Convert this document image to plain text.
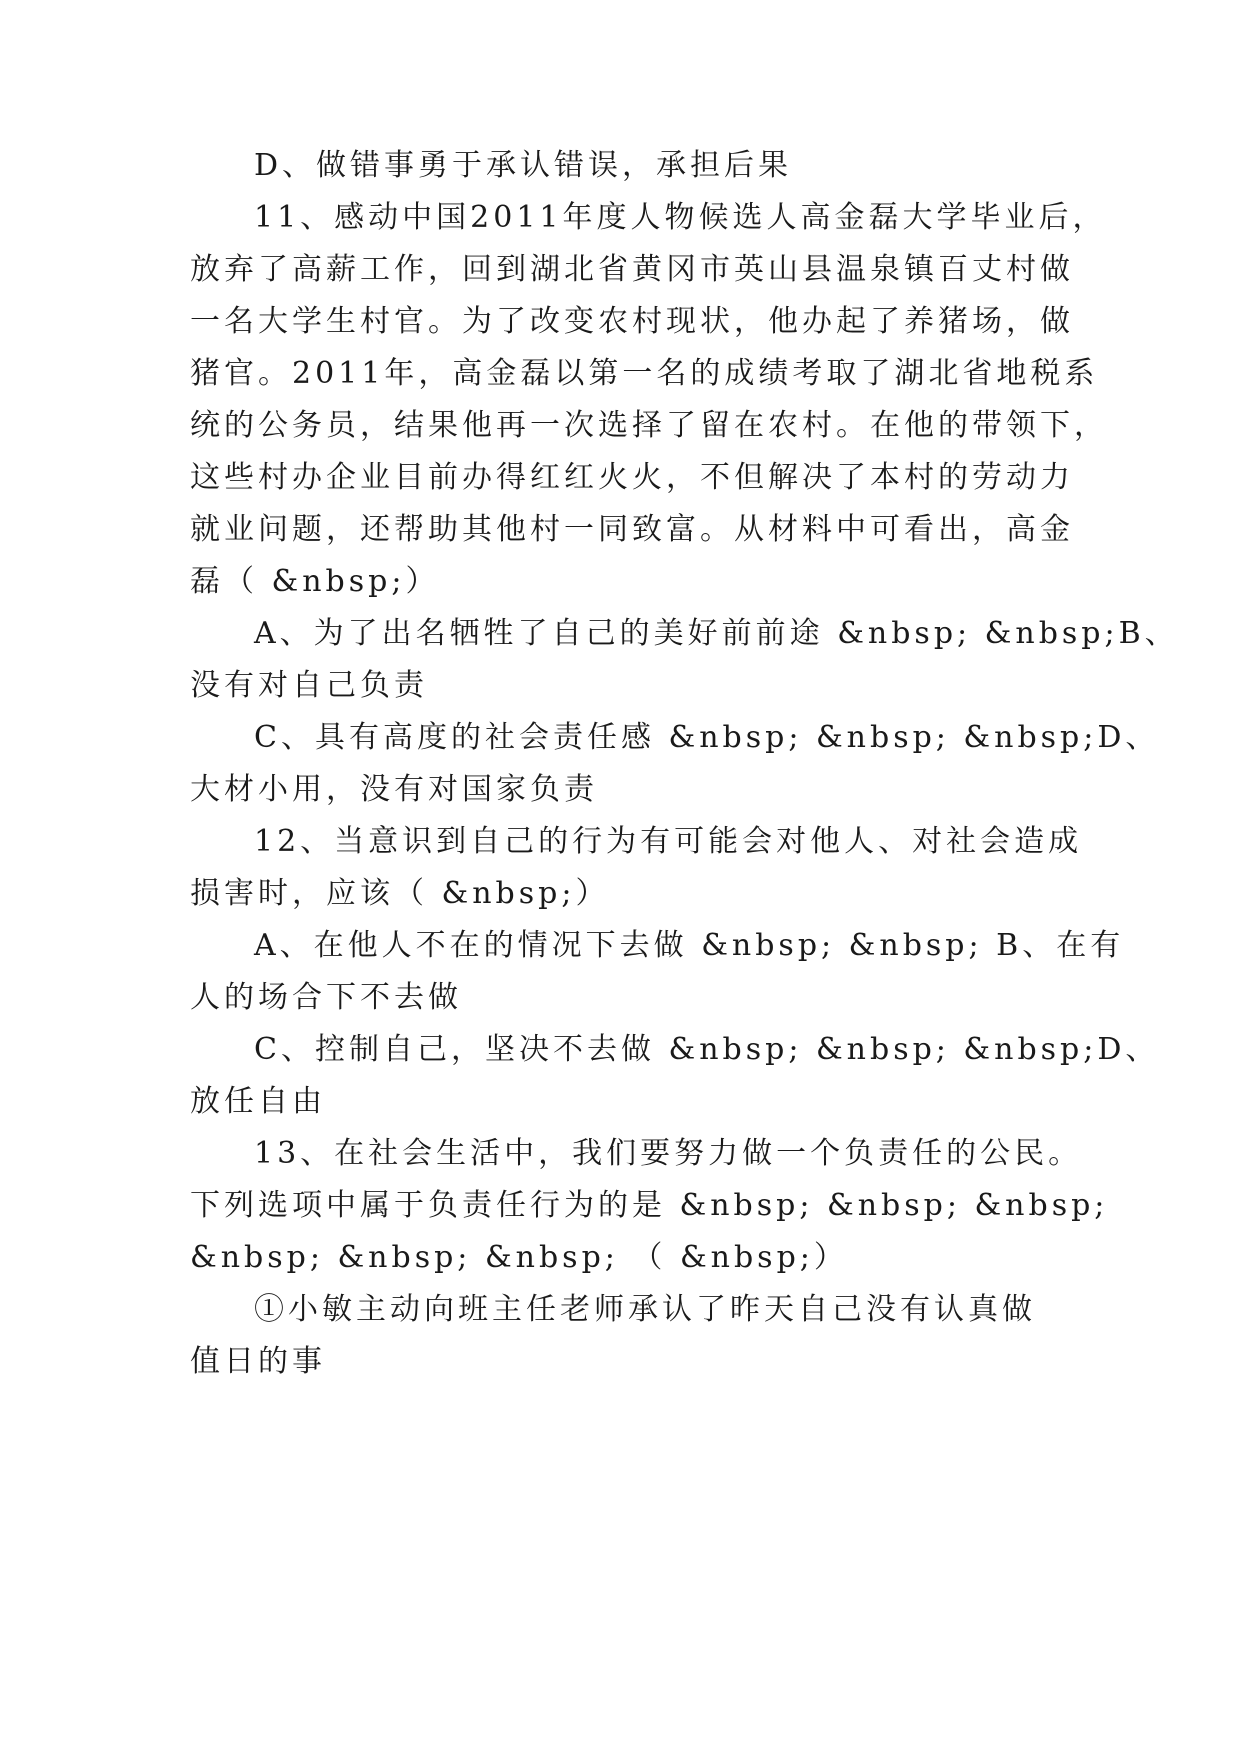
D、做错事勇于承认错误，承担后果
11、感动中国2011年度人物候选人高金磊大学毕业后，
放弃了高薪工作，回到湖北省黄冈市英山县温泉镇百丈村做
一名大学生村官。为了改变农村现状，他办起了养猪场，做
猪官。2011年，高金磊以第一名的成绩考取了湖北省地税系
统的公务员，结果他再一次选择了留在农村。在他的带领下，
这些村办企业目前办得红红火火，不但解决了本村的劳动力
就业问题，还帮助其他村一同致富。从材料中可看出，高金
磊（ &nbsp;）
A、为了出名牺牲了自己的美好前前途 &nbsp; &nbsp;B、
没有对自己负责
C、具有高度的社会责任感 &nbsp; &nbsp; &nbsp;D、
大材小用，没有对国家负责
12、当意识到自己的行为有可能会对他人、对社会造成
损害时，应该（ &nbsp;）
A、在他人不在的情况下去做 &nbsp; &nbsp; B、在有
人的场合下不去做
C、控制自己，坚决不去做 &nbsp; &nbsp; &nbsp;D、
放任自由
13、在社会生活中，我们要努力做一个负责任的公民。
下列选项中属于负责任行为的是 &nbsp; &nbsp; &nbsp;
&nbsp; &nbsp; &nbsp; （ &nbsp;）
①小敏主动向班主任老师承认了昨天自己没有认真做
值日的事
